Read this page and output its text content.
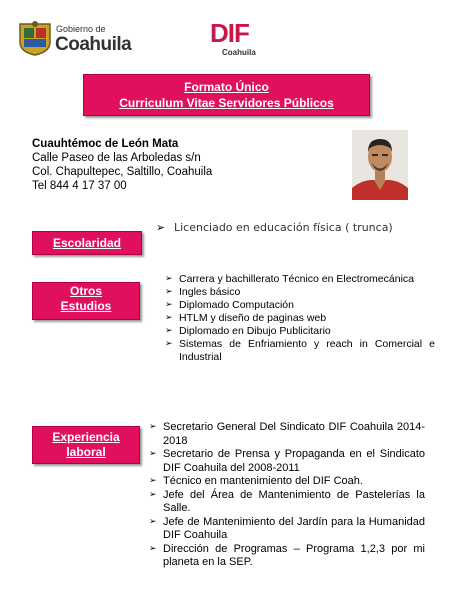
Gobierno de
Coahuila	DIF
Coahuila
Formato Único
Curriculum Vitae Servidores Públicos
Cuauhtémoc de León Mata
Calle Paseo de las Arboledas s/n
Col. Chapultepec, Saltillo, Coahuila
Tel 844 4 17 37 00
Escolaridad
➢ Licenciado en educación física ( trunca)
Otros
Estudios
➢ Carrera y bachillerato Técnico en Electromecánica
➢ Ingles básico
➢ Diplomado Computación
➢ HTLM y diseño de paginas web
➢ Diplomado en Dibujo Publicitario
➢ Sistemas de Enfriamiento y reach in Comercial e Industrial
Experiencia
laboral
➢ Secretario General Del Sindicato DIF Coahuila 2014-2018
➢ Secretario de Prensa y Propaganda en el Sindicato DIF Coahuila del 2008-2011
➢ Técnico en mantenimiento del DIF Coah.
➢ Jefe del Área de Mantenimiento de Pastelerías la Salle.
➢ Jefe de Mantenimiento del Jardín para la Humanidad DIF Coahuila
➢ Dirección de Programas – Programa 1,2,3 por mi planeta en la SEP.
